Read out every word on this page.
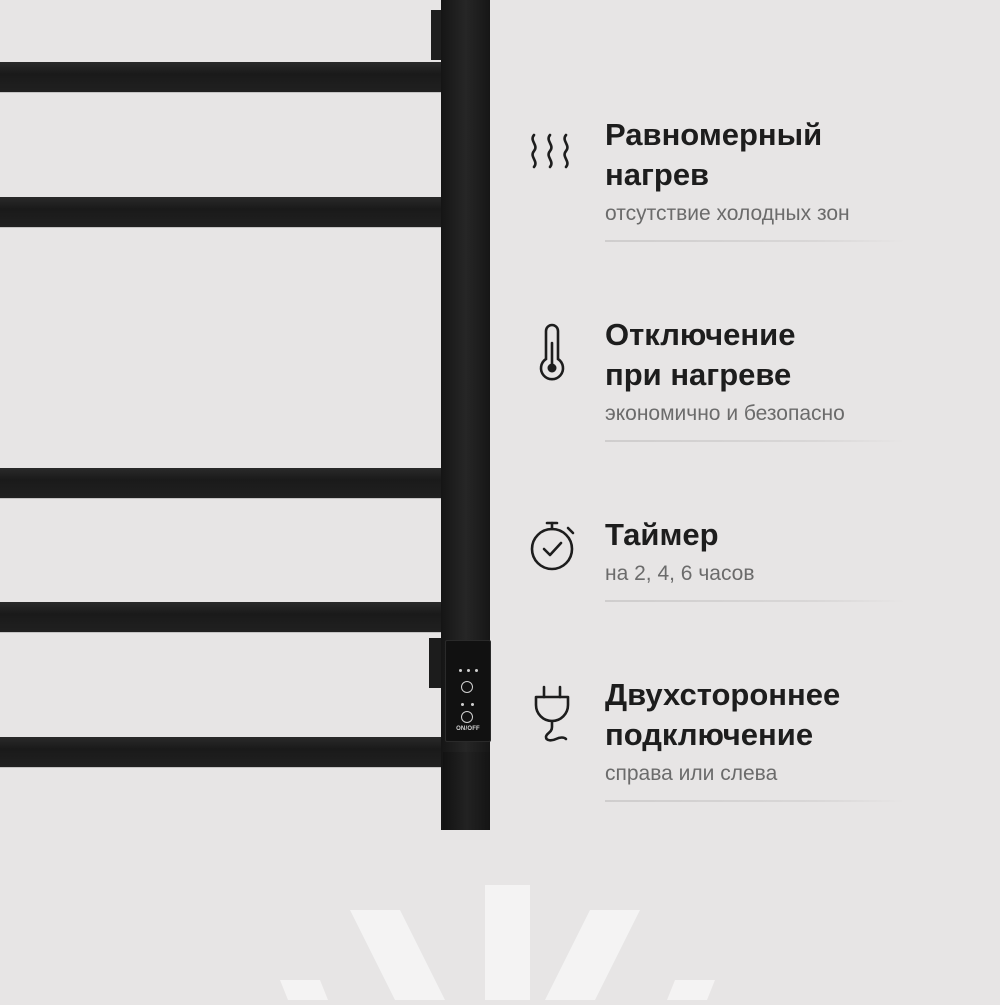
ON/OFF
Равномерный
нагрев
отсутствие холодных зон
Отключение
при нагреве
экономично и безопасно
Таймер
на 2, 4, 6 часов
Двухстороннее
подключение
справа или слева
